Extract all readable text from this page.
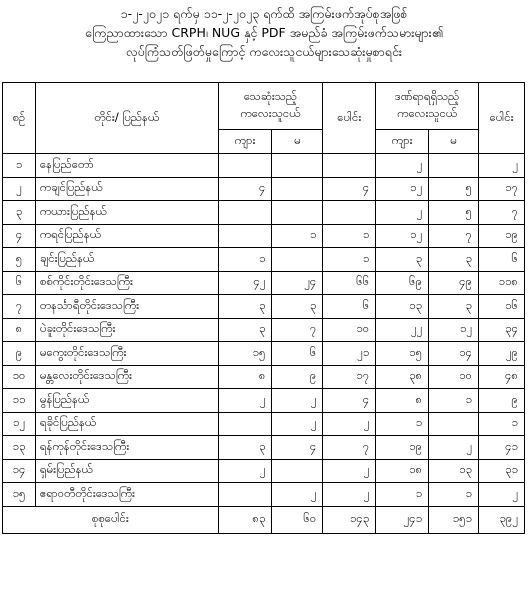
၁-၂-၂၀၂၁ ရက်မှ ၁၁-၂-၂၀၂၃ ရက်ထိ အကြမ်းဖက်အုပ်စုအဖြစ်
ကြေညာထားသော CRPH၊ NUG နှင့် PDF အမည်ခံ အကြမ်းဖက်သမားများ၏
လုပ်ကြံသတ်ဖြတ်မှုကြောင့် ကလေးသူငယ်များသေဆုံးမှုစာရင်း
စဉ်	တိုင်း/ ပြည်နယ်	သေဆုံးသည့် ကလေးသူငယ်		ပေါင်း	ဒဏ်ရာရရှိသည့် ကလေးသူငယ်		ပေါင်း
		ကျား	မ		ကျား	မ	
၁	နေပြည်တော်				၂		၂
၂	ကချင်ပြည်နယ်	၄		၄	၁၂	၅	၁၇
၃	ကယားပြည်နယ်				၂	၅	၇
၄	ကရင်ပြည်နယ်		၁	၁	၁၂	၇	၁၉
၅	ချင်းပြည်နယ်	၁		၁	၃	၃	၆
၆	စစ်ကိုင်းတိုင်းဒေသကြီး	၄၂	၂၄	၆၆	၆၉	၄၉	၁၁၈
၇	တနင်္သာရီတိုင်းဒေသကြီး	၃	၃	၆	၁၃	၃	၁၆
၈	ပဲခူးတိုင်းဒေသကြီး	၃	၇	၁၀	၂၂	၁၂	၃၄
၉	မကွေးတိုင်းဒေသကြီး	၁၅	၆	၂၁	၁၅	၁၄	၂၉
၁၀	မန္တလေးတိုင်းဒေသကြီး	၈	၉	၁၇	၃၈	၁၀	၄၈
၁၁	မွန်ပြည်နယ်	၂	၂	၄	၈	၁	၉
၁၂	ရခိုင်ပြည်နယ်		၂	၂	၁		၁
၁၃	ရန်ကုန်တိုင်းဒေသကြီး	၃	၄	၇	၁၉	၂	၄၁
၁၄	ရှမ်းပြည်နယ်	၂		၂	၁၈	၁၃	၃၁
၁၅	ဧရာဝတီတိုင်းဒေသကြီး		၂	၂	၁	၁	၂
စုစုပေါင်း		၈၃	၆၀	၁၄၃	၂၄၁	၁၅၁	၃၉၂
